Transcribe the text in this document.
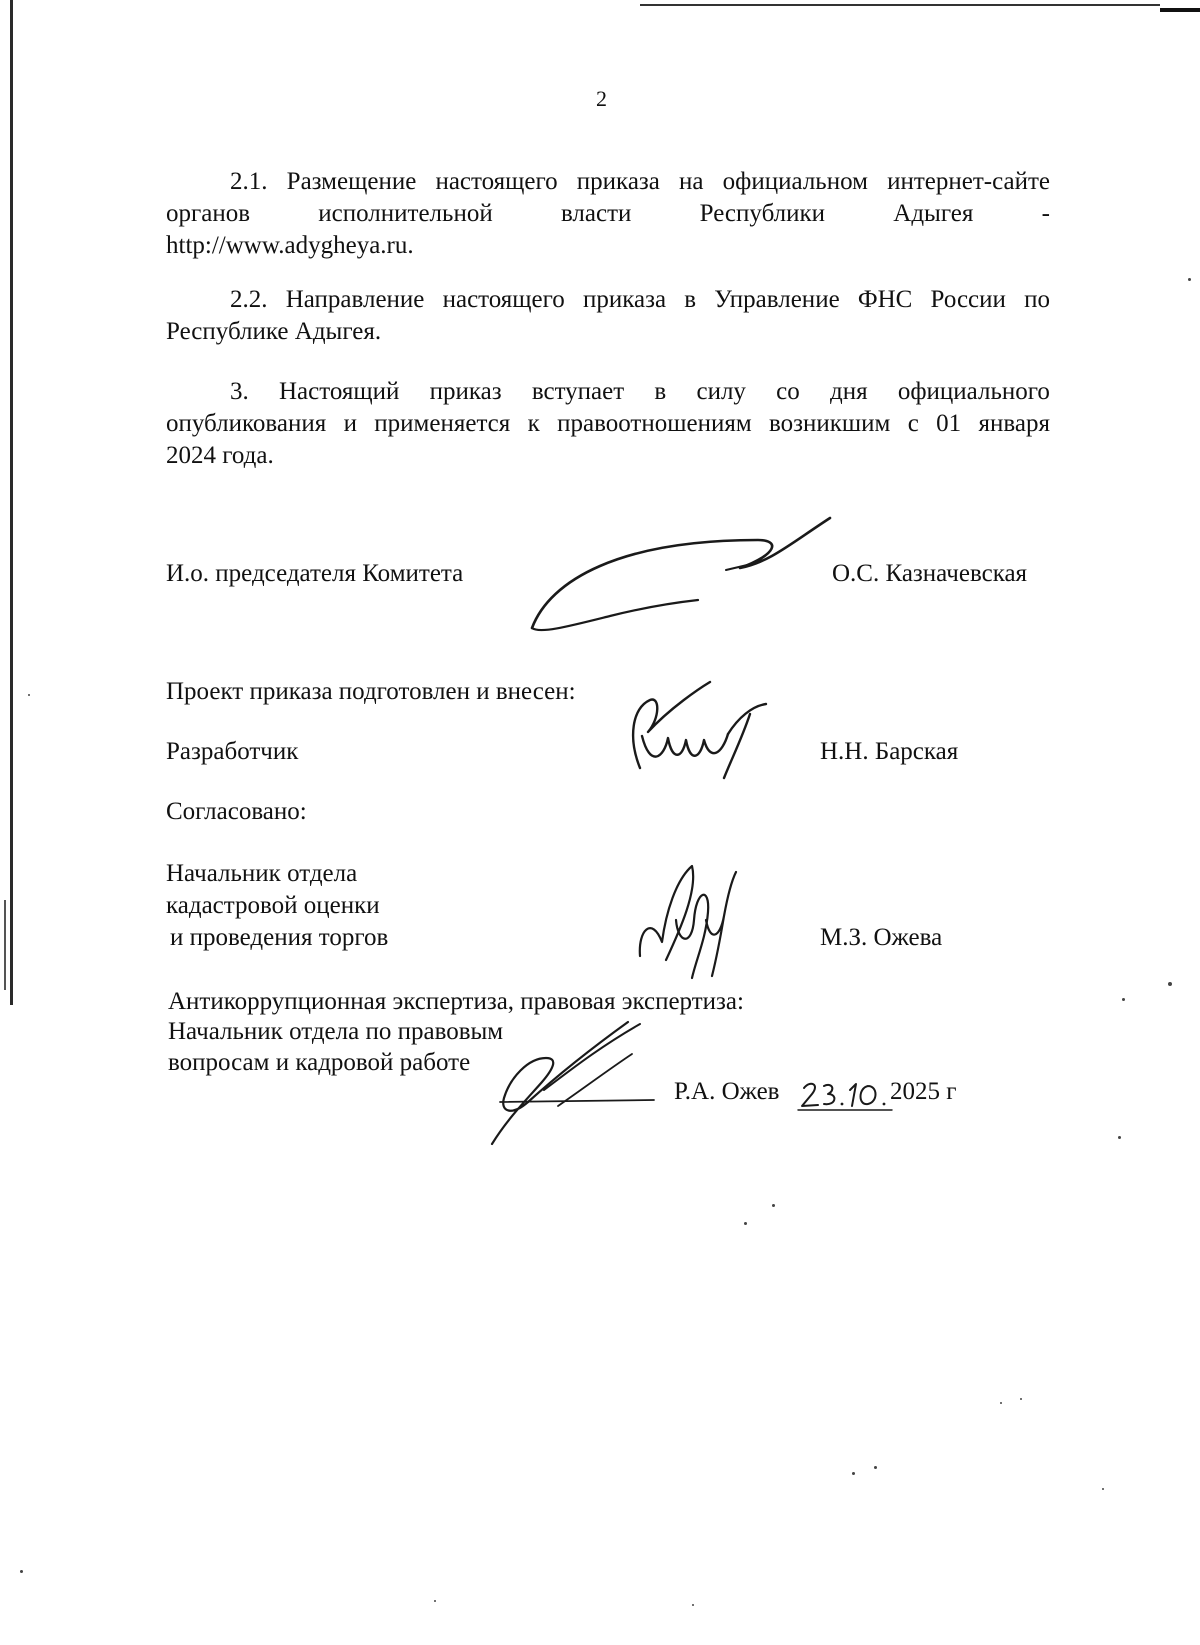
2
2.1. Размещение настоящего приказа на официальном интернет-сайте
органов	исполнительной	власти	Республики	Адыгея	-
http://www.adygheya.ru.
2.2. Направление настоящего приказа в Управление ФНС России по
Республике Адыгея.
3. Настоящий приказ вступает в силу со дня официального
опубликования и применяется к правоотношениям возникшим с 01 января
2024 года.
И.о. председателя Комитета	О.С. Казначевская
Проект приказа подготовлен и внесен:
Разработчик	Н.Н. Барская
Согласовано:
Начальник отдела
кадастровой оценки
и проведения торгов	М.З. Ожева
Антикоррупционная экспертиза, правовая экспертиза:
Начальник отдела по правовым
вопросам и кадровой работе
Р.А. Ожев	2025 г
